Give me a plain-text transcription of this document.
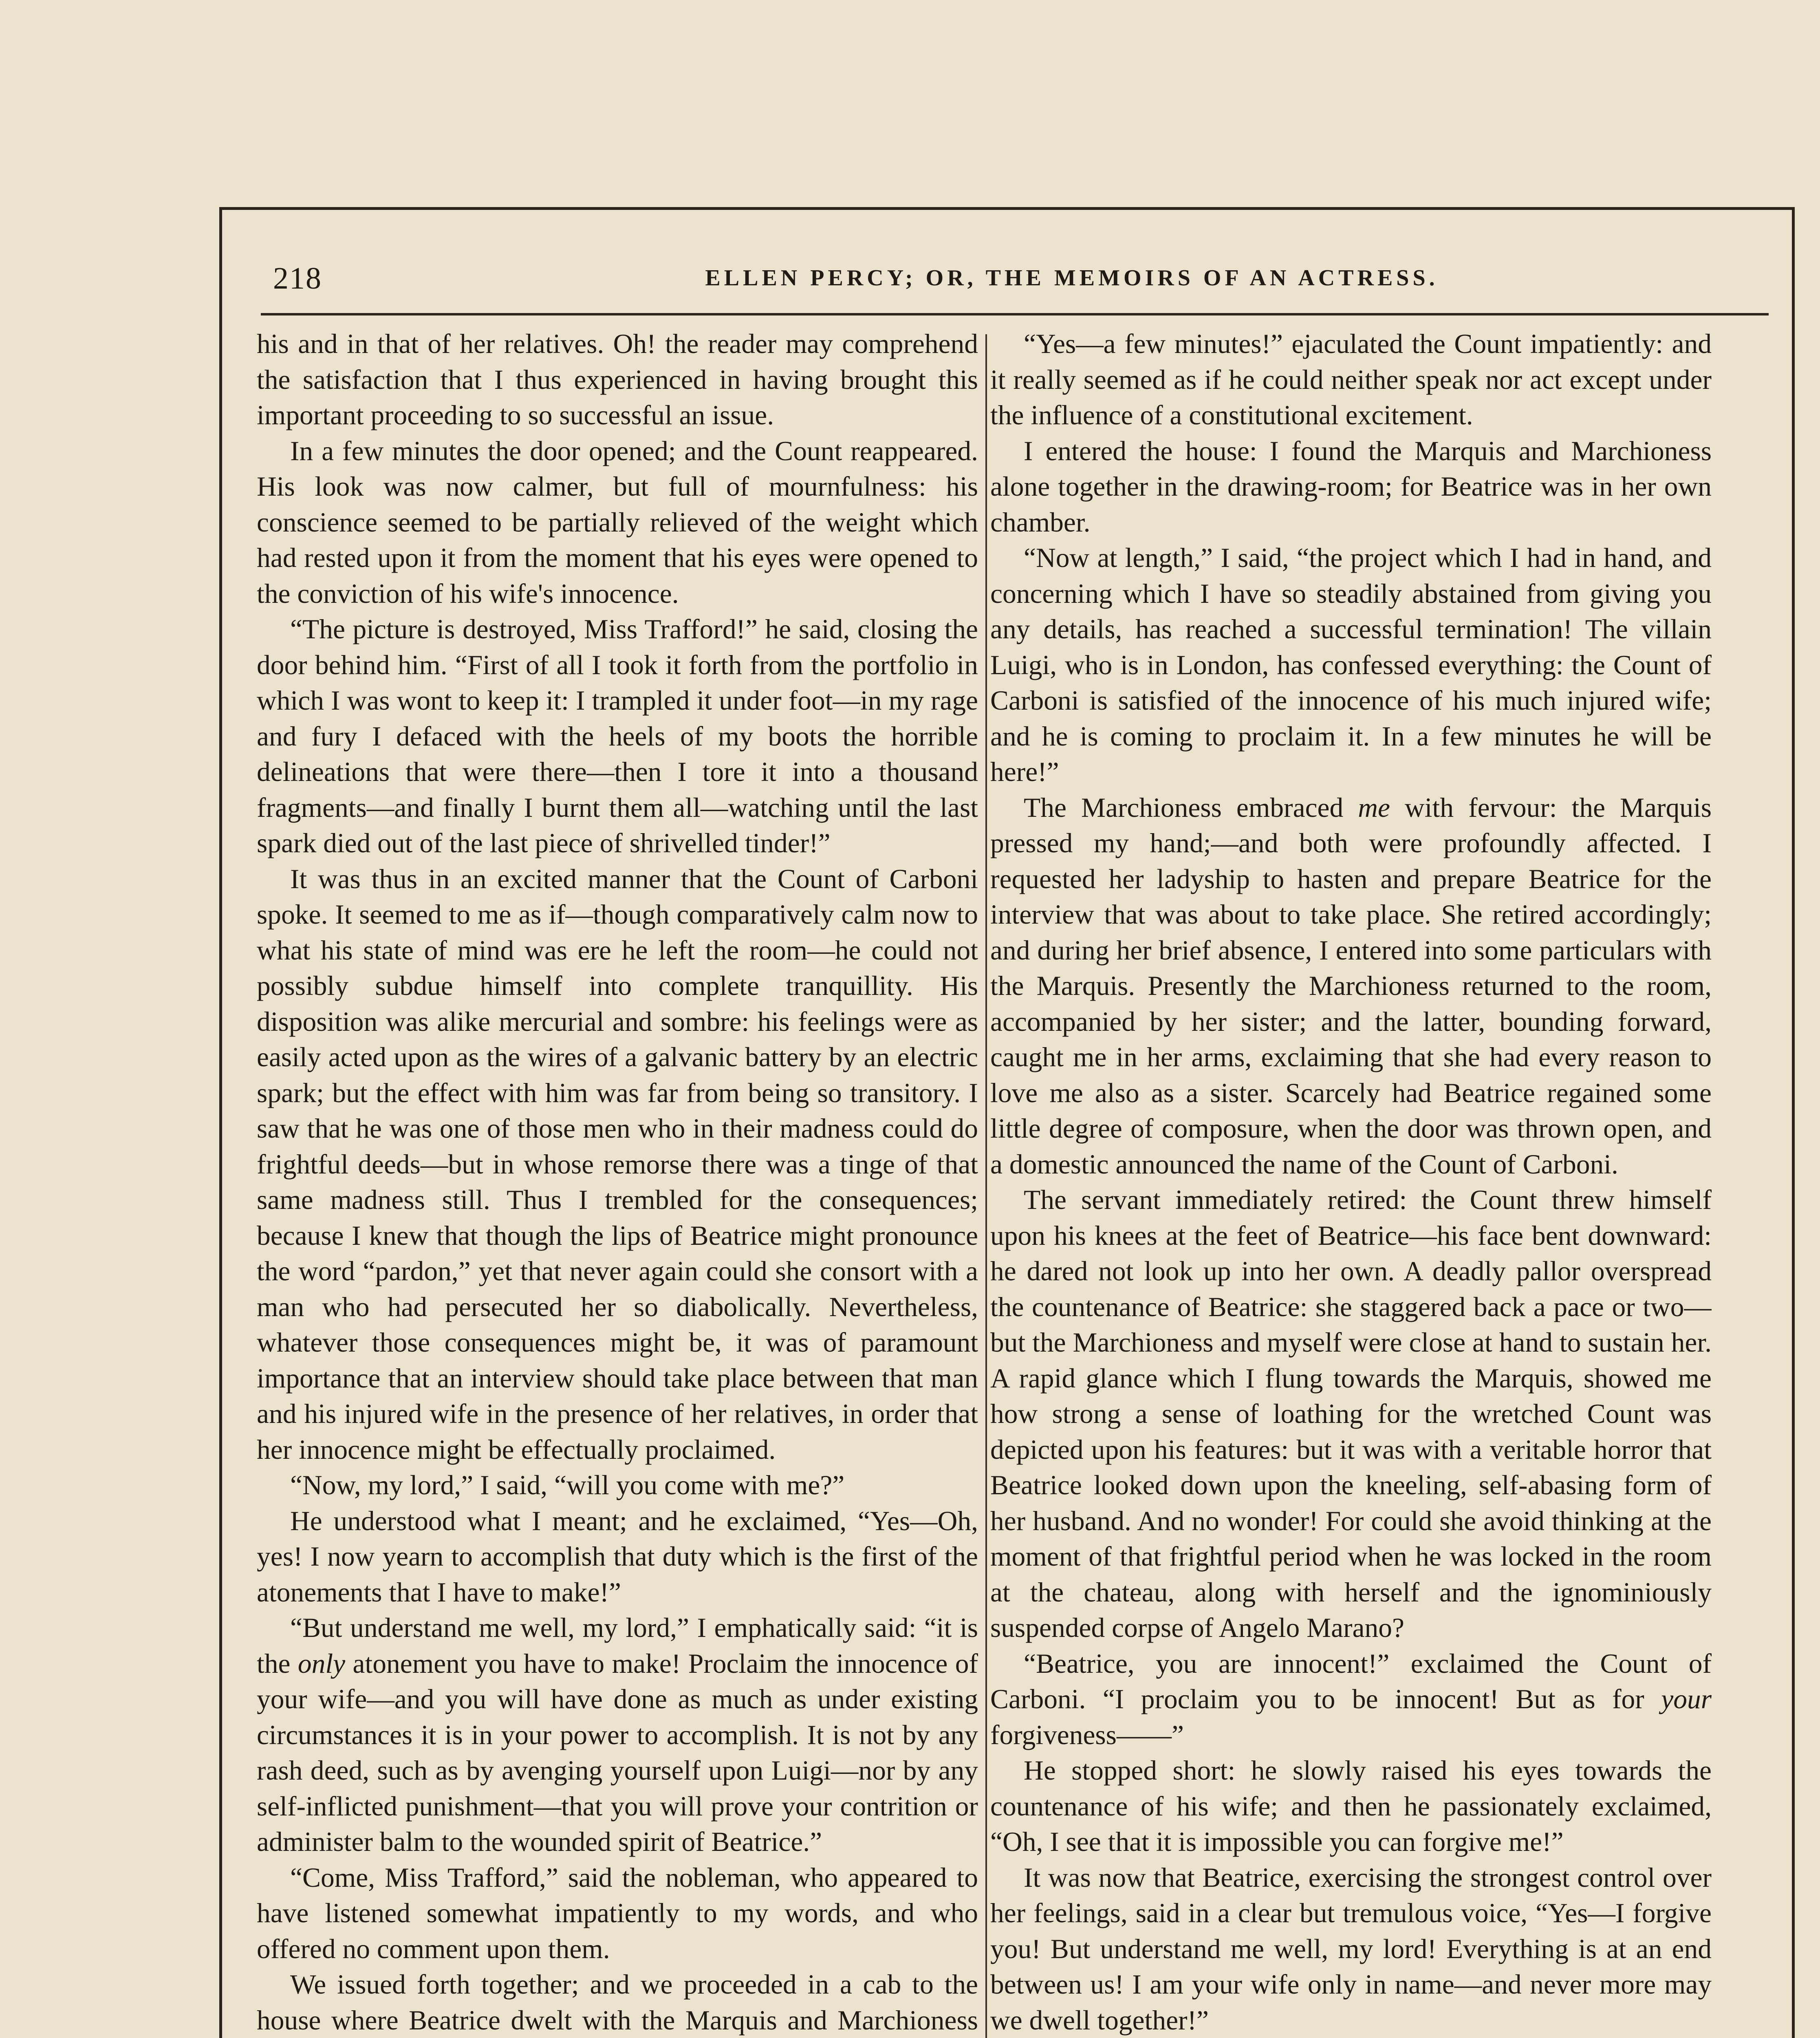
218	ELLEN PERCY; OR, THE MEMOIRS OF AN ACTRESS.

his and in that of her relatives. Oh! the reader may comprehend the satisfaction that I thus experienced in having brought this important proceeding to so successful an issue.

In a few minutes the door opened; and the Count reappeared. His look was now calmer, but full of mournfulness: his conscience seemed to be partially relieved of the weight which had rested upon it from the moment that his eyes were opened to the conviction of his wife's innocence.

“The picture is destroyed, Miss Trafford!” he said, closing the door behind him. “First of all I took it forth from the portfolio in which I was wont to keep it: I trampled it under foot—in my rage and fury I defaced with the heels of my boots the horrible delineations that were there—then I tore it into a thousand fragments—and finally I burnt them all—watching until the last spark died out of the last piece of shrivelled tinder!”

It was thus in an excited manner that the Count of Carboni spoke. It seemed to me as if—though comparatively calm now to what his state of mind was ere he left the room—he could not possibly subdue himself into complete tranquillity. His disposition was alike mercurial and sombre: his feelings were as easily acted upon as the wires of a galvanic battery by an electric spark; but the effect with him was far from being so transitory. I saw that he was one of those men who in their madness could do frightful deeds—but in whose remorse there was a tinge of that same madness still. Thus I trembled for the consequences; because I knew that though the lips of Beatrice might pronounce the word “pardon,” yet that never again could she consort with a man who had persecuted her so diabolically. Nevertheless, whatever those consequences might be, it was of paramount importance that an interview should take place between that man and his injured wife in the presence of her relatives, in order that her innocence might be effectually proclaimed.

“Now, my lord,” I said, “will you come with me?”

He understood what I meant; and he exclaimed, “Yes—Oh, yes! I now yearn to accomplish that duty which is the first of the atonements that I have to make!”

“But understand me well, my lord,” I emphatically said: “it is the only atonement you have to make! Proclaim the innocence of your wife—and you will have done as much as under existing circumstances it is in your power to accomplish. It is not by any rash deed, such as by avenging yourself upon Luigi—nor by any self-inflicted punishment—that you will prove your contrition or administer balm to the wounded spirit of Beatrice.”

“Come, Miss Trafford,” said the nobleman, who appeared to have listened somewhat impatiently to my words, and who offered no comment upon them.

We issued forth together; and we proceeded in a cab to the house where Beatrice dwelt with the Marquis and Marchioness

“Yes—a few minutes!” ejaculated the Count impatiently: and it really seemed as if he could neither speak nor act except under the influence of a constitutional excitement.

I entered the house: I found the Marquis and Marchioness alone together in the drawing-room; for Beatrice was in her own chamber.

“Now at length,” I said, “the project which I had in hand, and concerning which I have so steadily abstained from giving you any details, has reached a successful termination! The villain Luigi, who is in London, has confessed everything: the Count of Carboni is satisfied of the innocence of his much injured wife; and he is coming to proclaim it. In a few minutes he will be here!”

The Marchioness embraced me with fervour: the Marquis pressed my hand;—and both were profoundly affected. I requested her ladyship to hasten and prepare Beatrice for the interview that was about to take place. She retired accordingly; and during her brief absence, I entered into some particulars with the Marquis. Presently the Marchioness returned to the room, accompanied by her sister; and the latter, bounding forward, caught me in her arms, exclaiming that she had every reason to love me also as a sister. Scarcely had Beatrice regained some little degree of composure, when the door was thrown open, and a domestic announced the name of the Count of Carboni.

The servant immediately retired: the Count threw himself upon his knees at the feet of Beatrice—his face bent downward: he dared not look up into her own. A deadly pallor overspread the countenance of Beatrice: she staggered back a pace or two—but the Marchioness and myself were close at hand to sustain her. A rapid glance which I flung towards the Marquis, showed me how strong a sense of loathing for the wretched Count was depicted upon his features: but it was with a veritable horror that Beatrice looked down upon the kneeling, self-abasing form of her husband. And no wonder! For could she avoid thinking at the moment of that frightful period when he was locked in the room at the chateau, along with herself and the ignominiously suspended corpse of Angelo Marano?

“Beatrice, you are innocent!” exclaimed the Count of Carboni. “I proclaim you to be innocent! But as for your forgiveness——”

He stopped short: he slowly raised his eyes towards the countenance of his wife; and then he passionately exclaimed, “Oh, I see that it is impossible you can forgive me!”

It was now that Beatrice, exercising the strongest control over her feelings, said in a clear but tremulous voice, “Yes—I forgive you! But understand me well, my lord! Everything is at an end between us! I am your wife only in name—and never more may we dwell together!”
